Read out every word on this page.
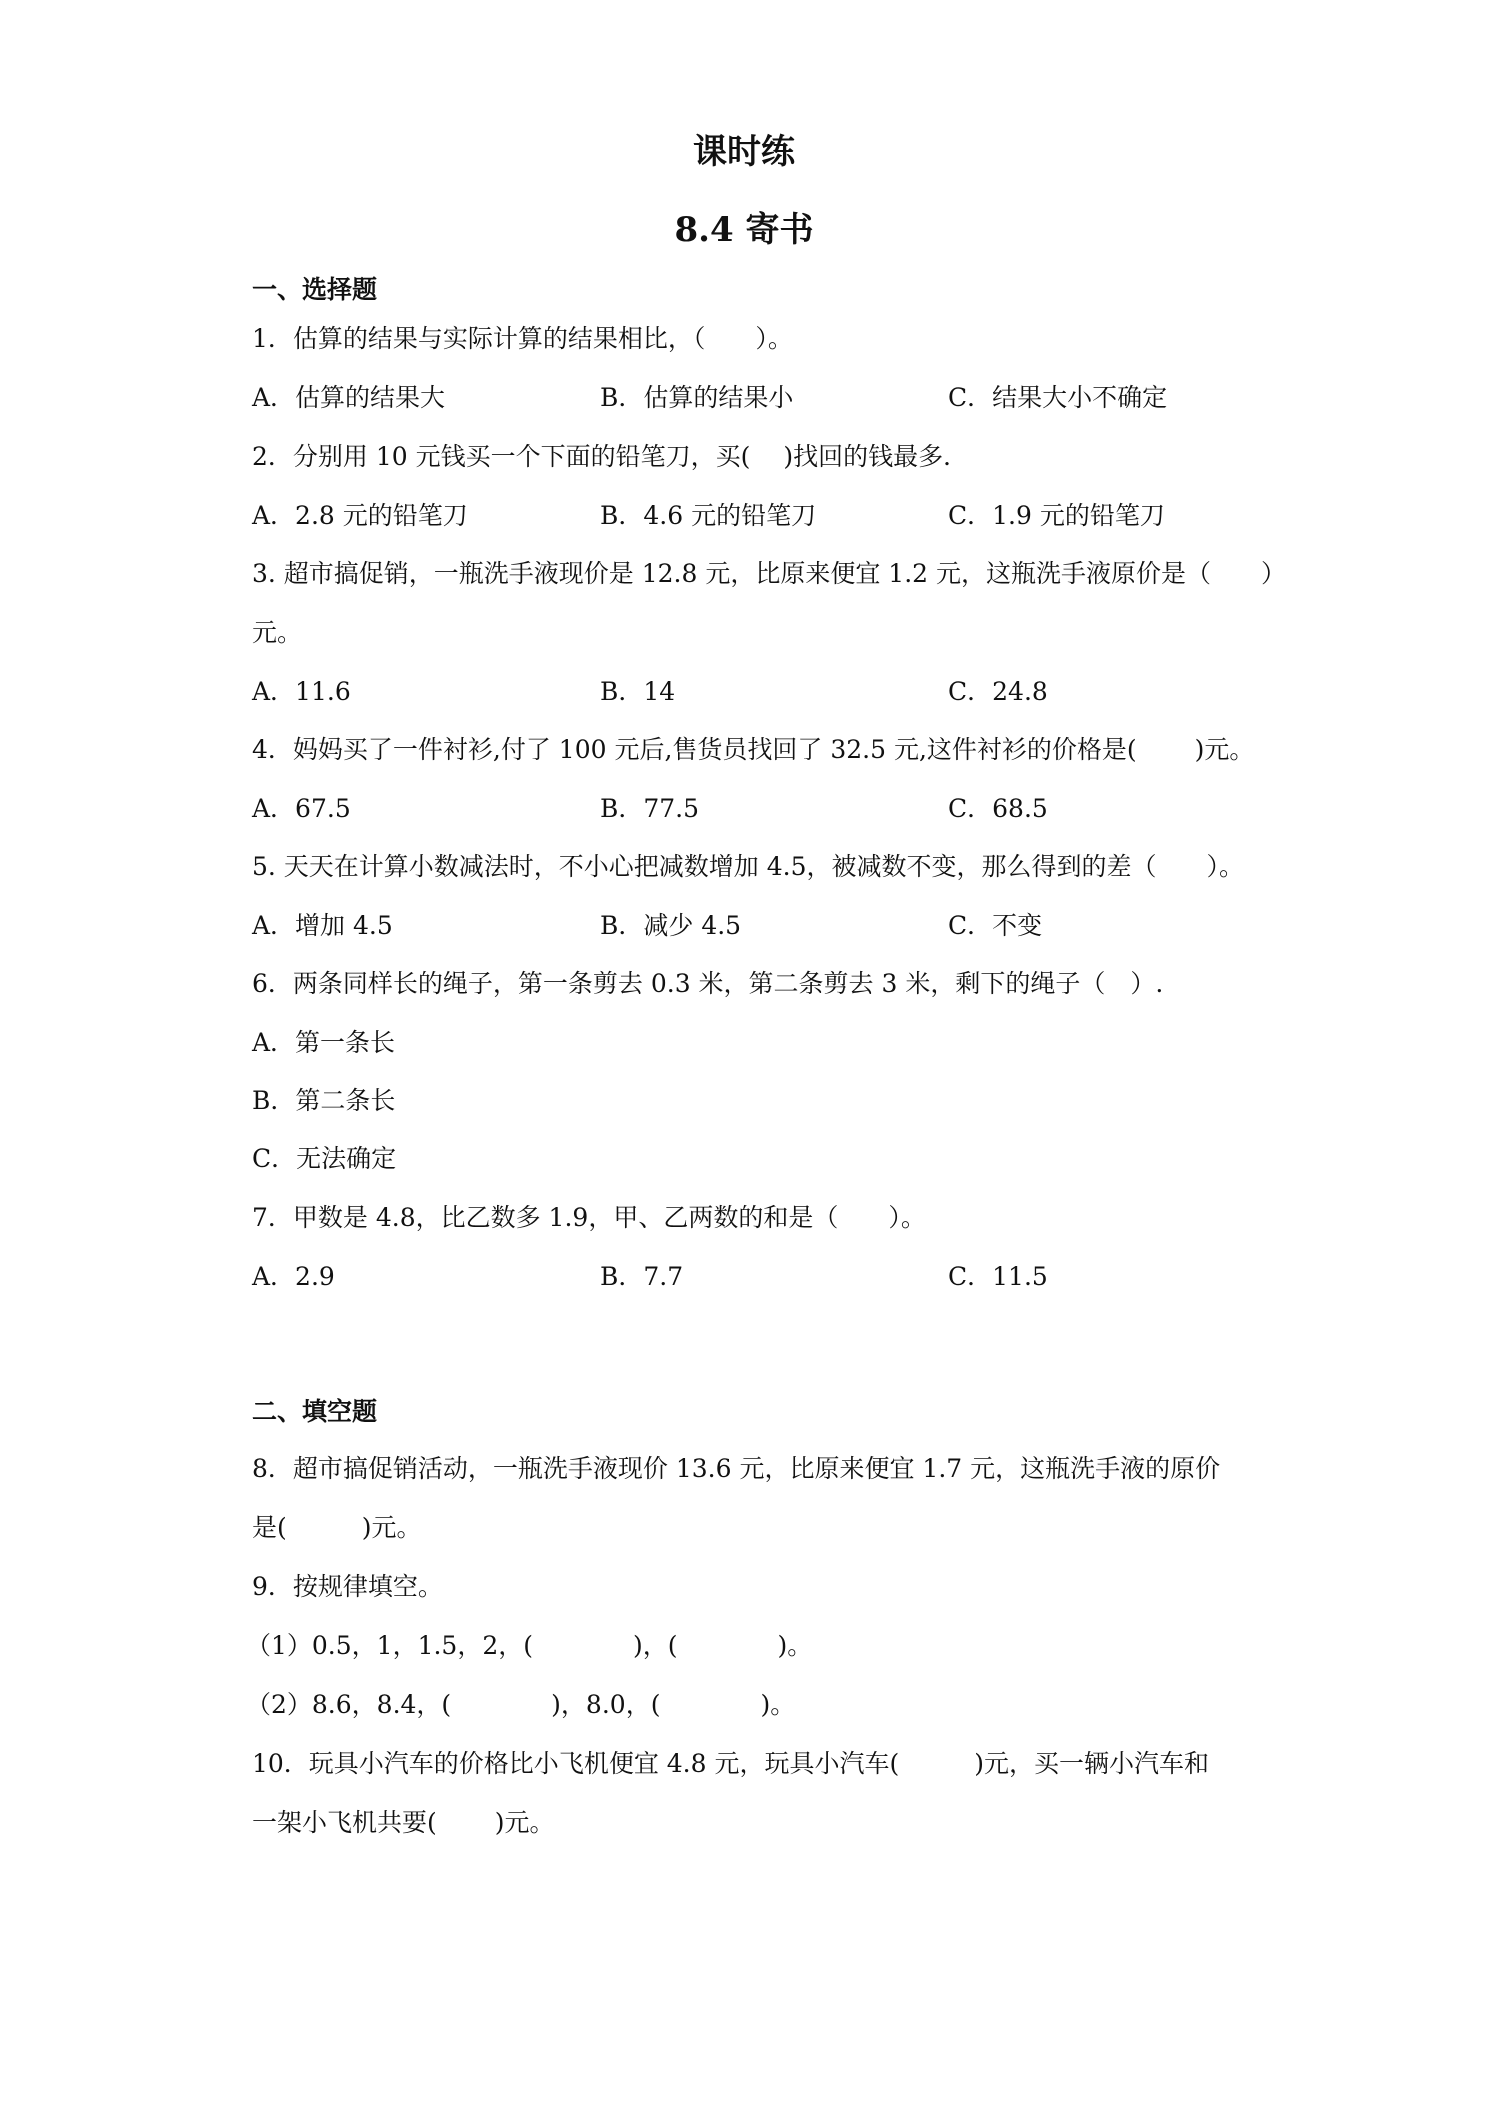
课时练
8.4 寄书
一、选择题
1．估算的结果与实际计算的结果相比，（　　）。
A．估算的结果大	B．估算的结果小	C．结果大小不确定
2．分别用 10 元钱买一个下面的铅笔刀，买(　 )找回的钱最多．
A．2.8 元的铅笔刀	B．4.6 元的铅笔刀	C．1.9 元的铅笔刀
3. 超市搞促销，一瓶洗手液现价是 12.8 元，比原来便宜 1.2 元，这瓶洗手液原价是（　　）
元。
A．11.6	B．14	C．24.8
4．妈妈买了一件衬衫,付了 100 元后,售货员找回了 32.5 元,这件衬衫的价格是(　　 )元。
A．67.5	B．77.5	C．68.5
5. 天天在计算小数减法时，不小心把减数增加 4.5，被减数不变，那么得到的差（　　）。
A．增加 4.5	B．减少 4.5	C．不变
6．两条同样长的绳子，第一条剪去 0.3 米，第二条剪去 3 米，剩下的绳子（　）.
A．第一条长
B．第二条长
C．无法确定
7．甲数是 4.8，比乙数多 1.9，甲、乙两数的和是（　　）。
A．2.9	B．7.7	C．11.5
二、填空题
8．超市搞促销活动，一瓶洗手液现价 13.6 元，比原来便宜 1.7 元，这瓶洗手液的原价
是(　　　)元。
9．按规律填空。
（1）0.5，1，1.5，2，(　　　　)，(　　　　)。
（2）8.6，8.4，(　　　　)，8.0，(　　　　)。
10．玩具小汽车的价格比小飞机便宜 4.8 元，玩具小汽车(　　　)元，买一辆小汽车和
一架小飞机共要(　　 )元。
